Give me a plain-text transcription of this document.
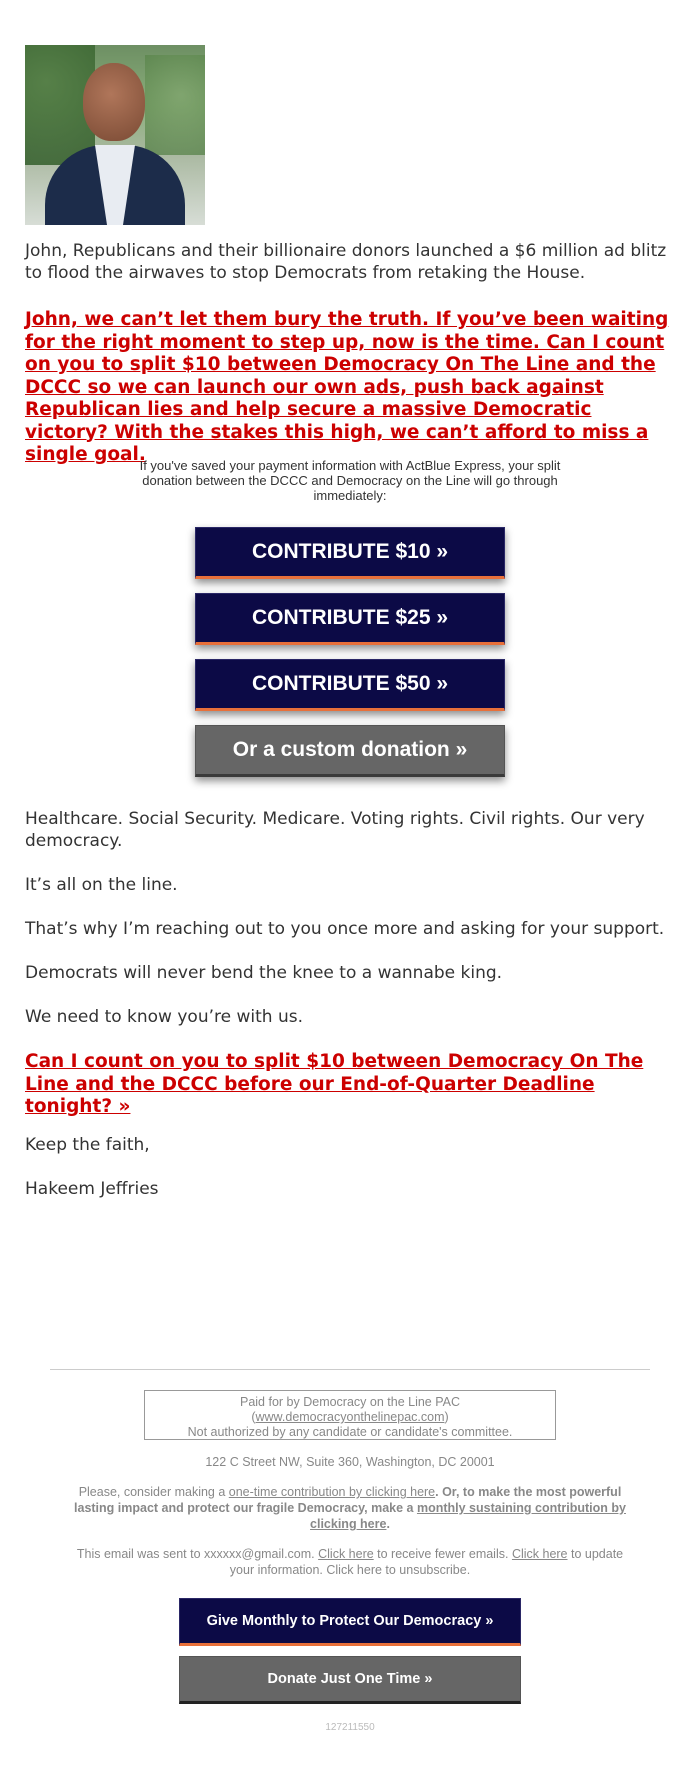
John, Republicans and their billionaire donors launched a $6 million ad blitz to flood the airwaves to stop Democrats from retaking the House.

John, we can’t let them bury the truth. If you’ve been waiting for the right moment to step up, now is the time. Can I count on you to split $10 between Democracy On The Line and the DCCC so we can launch our own ads, push back against Republican lies and help secure a massive Democratic victory? With the stakes this high, we can’t afford to miss a single goal.

If you've saved your payment information with ActBlue Express, your split donation between the DCCC and Democracy on the Line will go through immediately:

CONTRIBUTE $10 »
CONTRIBUTE $25 »
CONTRIBUTE $50 »
Or a custom donation »

Healthcare. Social Security. Medicare. Voting rights. Civil rights. Our very democracy.

It’s all on the line.

That’s why I’m reaching out to you once more and asking for your support.

Democrats will never bend the knee to a wannabe king.

We need to know you’re with us.

Can I count on you to split $10 between Democracy On The Line and the DCCC before our End-of-Quarter Deadline tonight? »

Keep the faith,

Hakeem Jeffries

Paid for by Democracy on the Line PAC
(www.democracyonthelinepac.com)
Not authorized by any candidate or candidate's committee.

122 C Street NW, Suite 360, Washington, DC 20001

Please, consider making a one-time contribution by clicking here. Or, to make the most powerful lasting impact and protect our fragile Democracy, make a monthly sustaining contribution by clicking here.

This email was sent to xxxxxx@gmail.com. Click here to receive fewer emails. Click here to update your information. Click here to unsubscribe.

Give Monthly to Protect Our Democracy »
Donate Just One Time »

127211550
